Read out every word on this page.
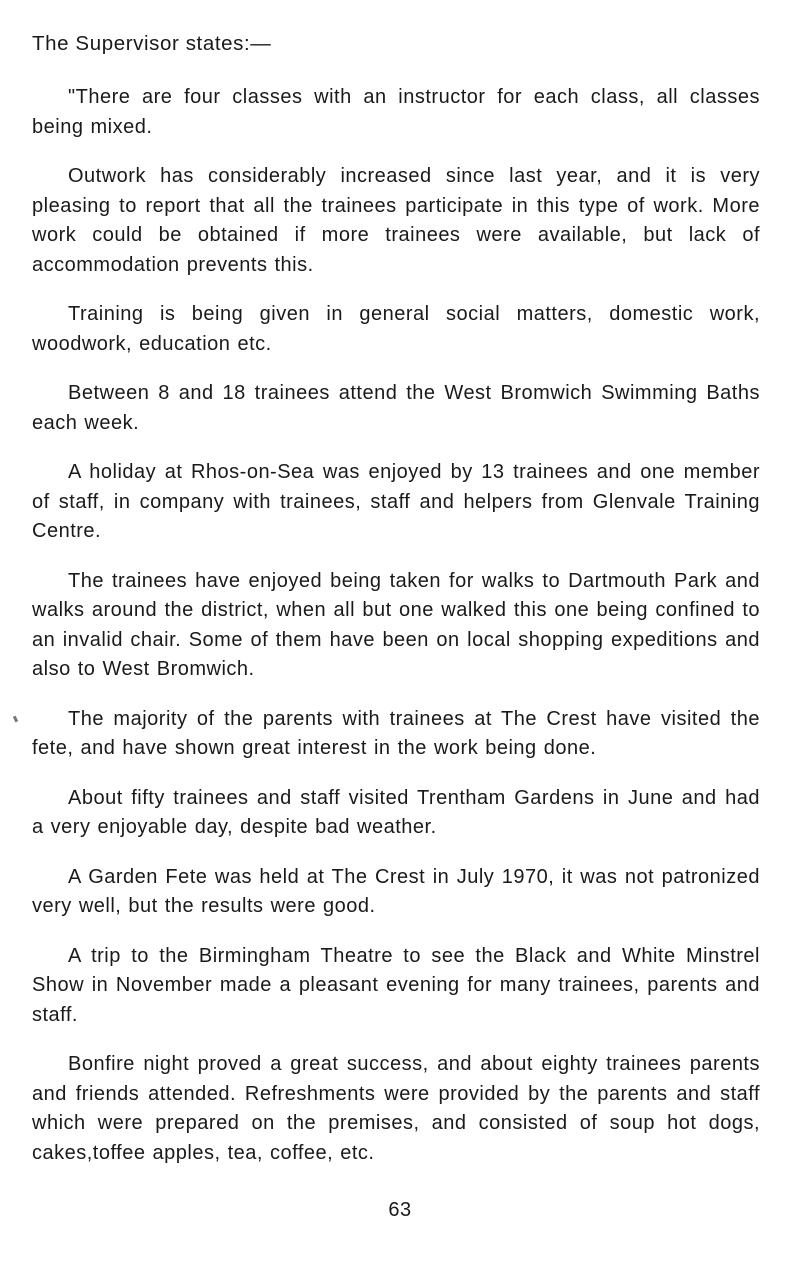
The Supervisor states:—

"There are four classes with an instructor for each class, all classes being mixed.

Outwork has considerably increased since last year, and it is very pleasing to report that all the trainees participate in this type of work. More work could be obtained if more trainees were available, but lack of accommodation prevents this.

Training is being given in general social matters, domestic work, woodwork, education etc.

Between 8 and 18 trainees attend the West Bromwich Swimming Baths each week.

A holiday at Rhos-on-Sea was enjoyed by 13 trainees and one member of staff, in company with trainees, staff and helpers from Glenvale Training Centre.

The trainees have enjoyed being taken for walks to Dartmouth Park and walks around the district, when all but one walked this one being confined to an invalid chair. Some of them have been on local shopping expeditions and also to West Bromwich.

The majority of the parents with trainees at The Crest have visited the fete, and have shown great interest in the work being done.

About fifty trainees and staff visited Trentham Gardens in June and had a very enjoyable day, despite bad weather.

A Garden Fete was held at The Crest in July 1970, it was not patronized very well, but the results were good.

A trip to the Birmingham Theatre to see the Black and White Minstrel Show in November made a pleasant evening for many trainees, parents and staff.

Bonfire night proved a great success, and about eighty trainees parents and friends attended. Refreshments were provided by the parents and staff which were prepared on the premises, and consisted of soup hot dogs, cakes,toffee apples, tea, coffee, etc.

63
